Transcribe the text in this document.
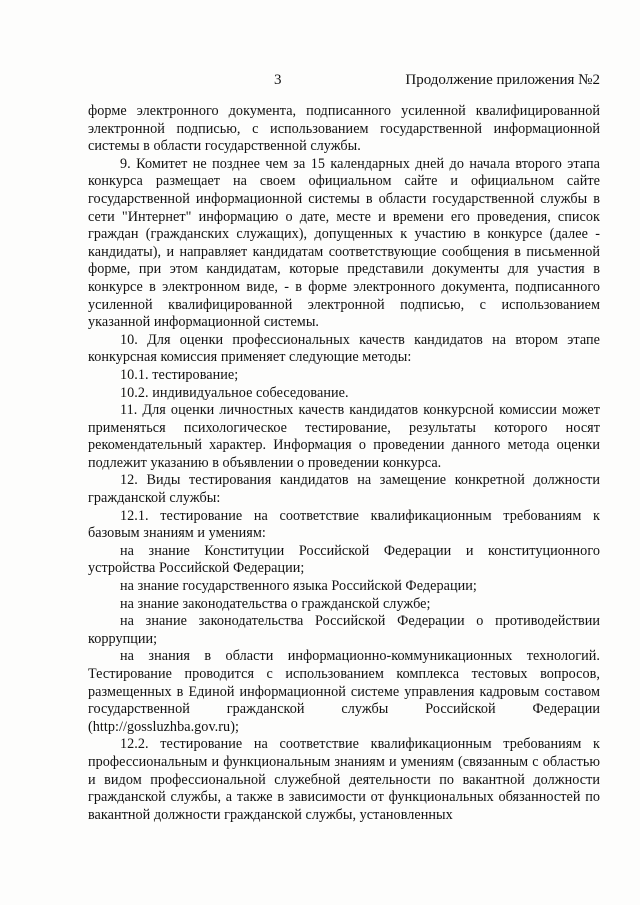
3	Продолжение приложения №2

форме электронного документа, подписанного усиленной квалифицированной электронной подписью, с использованием государственной информационной системы в области государственной службы.

9. Комитет не позднее чем за 15 календарных дней до начала второго этапа конкурса размещает на своем официальном сайте и официальном сайте государственной информационной системы в области государственной службы в сети "Интернет" информацию о дате, месте и времени его проведения, список граждан (гражданских служащих), допущенных к участию в конкурсе (далее - кандидаты), и направляет кандидатам соответствующие сообщения в письменной форме, при этом кандидатам, которые представили документы для участия в конкурсе в электронном виде, - в форме электронного документа, подписанного усиленной квалифицированной электронной подписью, с использованием указанной информационной системы.

10. Для оценки профессиональных качеств кандидатов на втором этапе конкурсная комиссия применяет следующие методы:

10.1. тестирование;

10.2. индивидуальное собеседование.

11. Для оценки личностных качеств кандидатов конкурсной комиссии может применяться психологическое тестирование, результаты которого носят рекомендательный характер. Информация о проведении данного метода оценки подлежит указанию в объявлении о проведении конкурса.

12. Виды тестирования кандидатов на замещение конкретной должности гражданской службы:

12.1. тестирование на соответствие квалификационным требованиям к базовым знаниям и умениям:

на знание Конституции Российской Федерации и конституционного устройства Российской Федерации;

на знание государственного языка Российской Федерации;

на знание законодательства о гражданской службе;

на знание законодательства Российской Федерации о противодействии коррупции;

на знания в области информационно-коммуникационных технологий. Тестирование проводится с использованием комплекса тестовых вопросов, размещенных в Единой информационной системе управления кадровым составом государственной гражданской службы Российской Федерации (http://gossluzhba.gov.ru);

12.2. тестирование на соответствие квалификационным требованиям к профессиональным и функциональным знаниям и умениям (связанным с областью и видом профессиональной служебной деятельности по вакантной должности гражданской службы, а также в зависимости от функциональных обязанностей по вакантной должности гражданской службы, установленных
